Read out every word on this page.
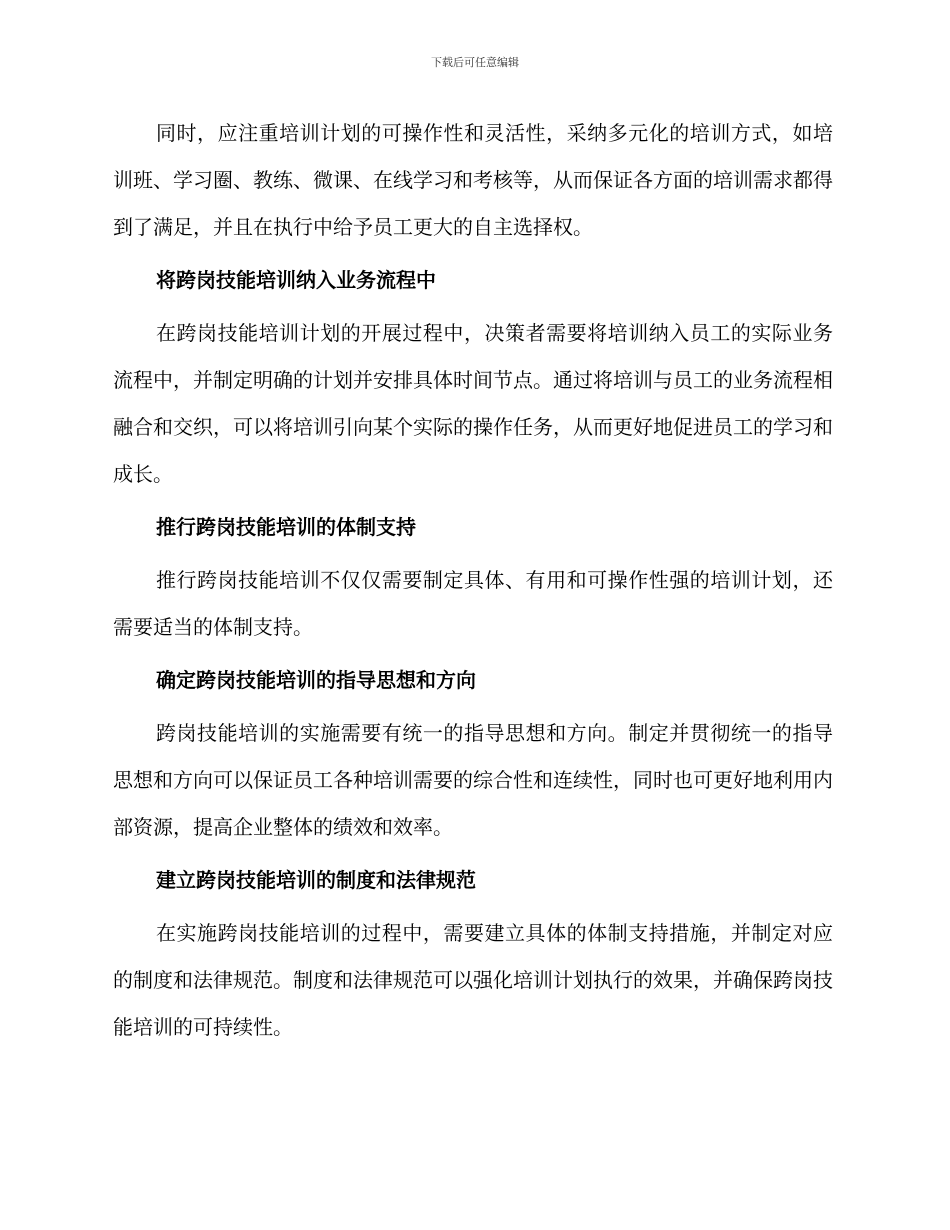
下载后可任意编辑

同时，应注重培训计划的可操作性和灵活性，采纳多元化的培训方式，如培训班、学习圈、教练、微课、在线学习和考核等，从而保证各方面的培训需求都得到了满足，并且在执行中给予员工更大的自主选择权。

将跨岗技能培训纳入业务流程中

在跨岗技能培训计划的开展过程中，决策者需要将培训纳入员工的实际业务流程中，并制定明确的计划并安排具体时间节点。通过将培训与员工的业务流程相融合和交织，可以将培训引向某个实际的操作任务，从而更好地促进员工的学习和成长。

推行跨岗技能培训的体制支持

推行跨岗技能培训不仅仅需要制定具体、有用和可操作性强的培训计划，还需要适当的体制支持。

确定跨岗技能培训的指导思想和方向

跨岗技能培训的实施需要有统一的指导思想和方向。制定并贯彻统一的指导思想和方向可以保证员工各种培训需要的综合性和连续性，同时也可更好地利用内部资源，提高企业整体的绩效和效率。

建立跨岗技能培训的制度和法律规范

在实施跨岗技能培训的过程中，需要建立具体的体制支持措施，并制定对应的制度和法律规范。制度和法律规范可以强化培训计划执行的效果，并确保跨岗技能培训的可持续性。
